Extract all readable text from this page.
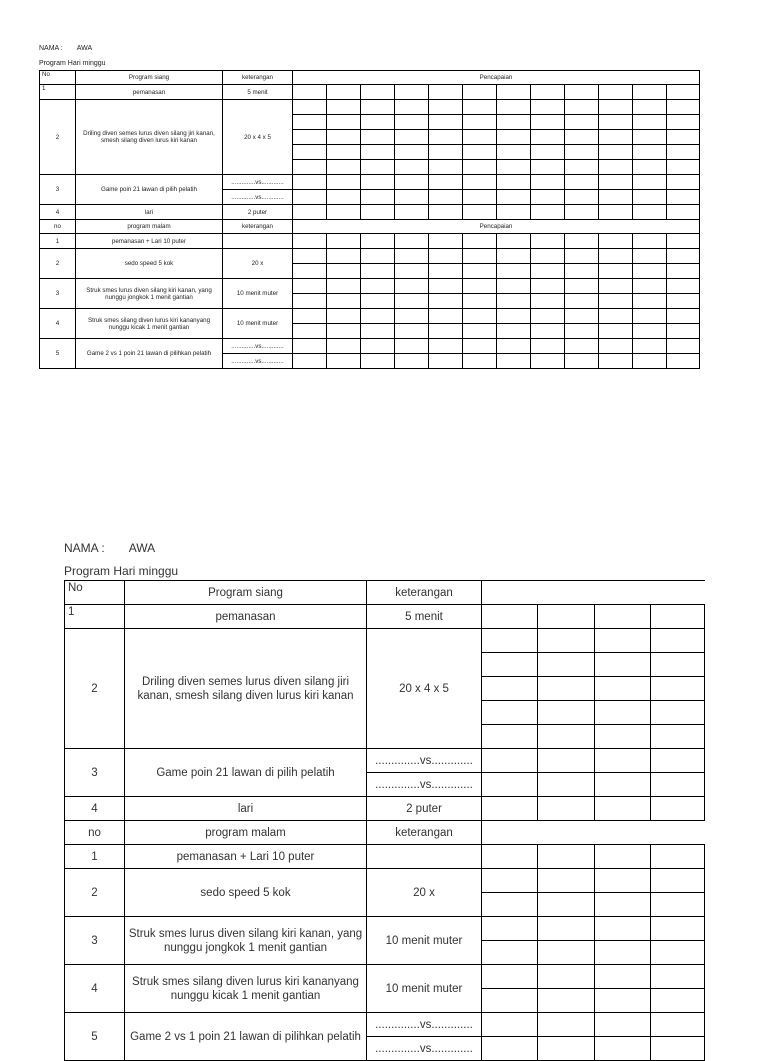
NAMA : AWA
Program Hari minggu
No	Program siang	keterangan	Pencapaian											
1	pemanasan	5 menit												
2	Driling diven semes lurus diven silang jiri kanan, smesh silang diven lurus kiri kanan	20 x 4 x 5												

3	Game poin 21 lawan di pilih pelatih	..............vs.............												
		..............vs.............												
4	lari	2 puter												
no	program malam	keterangan	Pencapaian											
1	pemanasan + Lari 10 puter													
2	sedo speed 5 kok	20 x												

3	Struk smes lurus diven silang kiri kanan, yang nunggu jongkok 1 menit gantian	10 menit muter												

4	Struk smes silang diven lurus kiri kananyang nunggu kicak 1 menit gantian	10 menit muter												

5	Game 2 vs 1 poin 21 lawan di pilihkan pelatih	..............vs.............												
		..............vs.............												
NAMA : AWA
Program Hari minggu
No	Program siang	keterangan				
1	pemanasan	5 menit				
2	Driling diven semes lurus diven silang jiri kanan, smesh silang diven lurus kiri kanan	20 x 4 x 5				

3	Game poin 21 lawan di pilih pelatih	..............vs.............				
		..............vs.............				
4	lari	2 puter				
no	program malam	keterangan				
1	pemanasan + Lari 10 puter					
2	sedo speed 5 kok	20 x				

3	Struk smes lurus diven silang kiri kanan, yang nunggu jongkok 1 menit gantian	10 menit muter				

4	Struk smes silang diven lurus kiri kananyang nunggu kicak 1 menit gantian	10 menit muter				

5	Game 2 vs 1 poin 21 lawan di pilihkan pelatih	..............vs.............				
		..............vs.............				
